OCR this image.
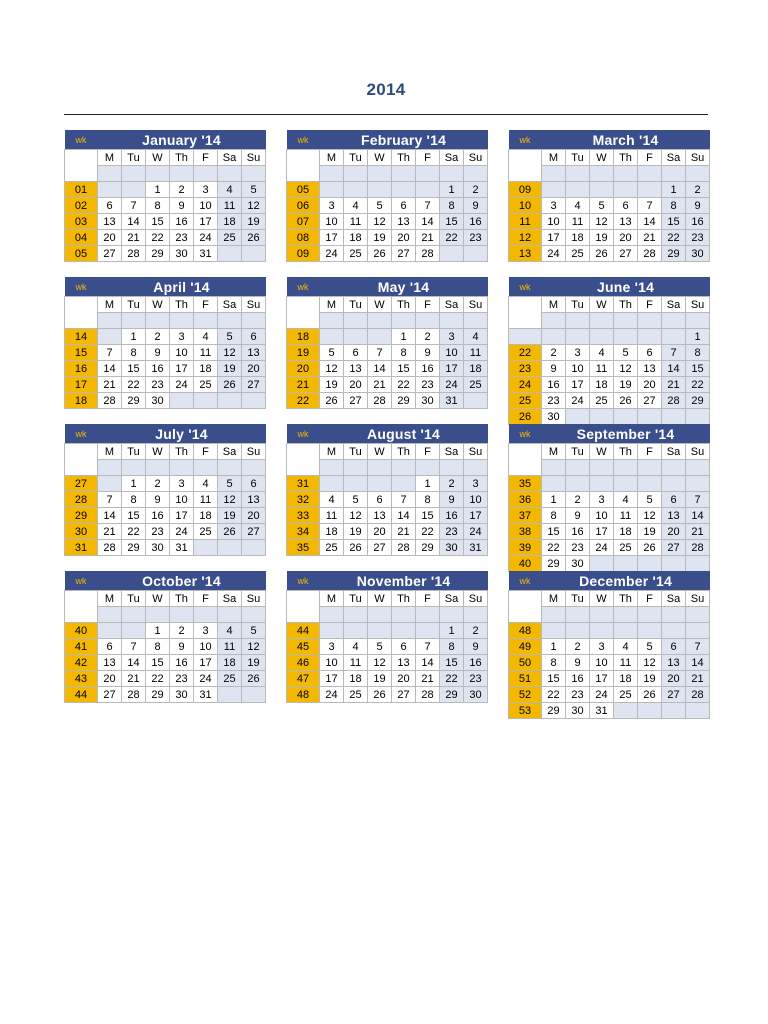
2014
wk	January '14						
	M	Tu	W	Th	F	Sa	Su

01			1	2	3	4	5
02	6	7	8	9	10	11	12
03	13	14	15	16	17	18	19
04	20	21	22	23	24	25	26
05	27	28	29	30	31		
wk	February '14						
	M	Tu	W	Th	F	Sa	Su

05						1	2
06	3	4	5	6	7	8	9
07	10	11	12	13	14	15	16
08	17	18	19	20	21	22	23
09	24	25	26	27	28		
wk	March '14						
	M	Tu	W	Th	F	Sa	Su

09						1	2
10	3	4	5	6	7	8	9
11	10	11	12	13	14	15	16
12	17	18	19	20	21	22	23
13	24	25	26	27	28	29	30
wk	April '14						
	M	Tu	W	Th	F	Sa	Su

14		1	2	3	4	5	6
15	7	8	9	10	11	12	13
16	14	15	16	17	18	19	20
17	21	22	23	24	25	26	27
18	28	29	30				
wk	May '14						
	M	Tu	W	Th	F	Sa	Su

18				1	2	3	4
19	5	6	7	8	9	10	11
20	12	13	14	15	16	17	18
21	19	20	21	22	23	24	25
22	26	27	28	29	30	31	
wk	June '14						
	M	Tu	W	Th	F	Sa	Su

							1
22	2	3	4	5	6	7	8
23	9	10	11	12	13	14	15
24	16	17	18	19	20	21	22
25	23	24	25	26	27	28	29
26	30						
wk	July '14						
	M	Tu	W	Th	F	Sa	Su

27		1	2	3	4	5	6
28	7	8	9	10	11	12	13
29	14	15	16	17	18	19	20
30	21	22	23	24	25	26	27
31	28	29	30	31			
wk	August '14						
	M	Tu	W	Th	F	Sa	Su

31					1	2	3
32	4	5	6	7	8	9	10
33	11	12	13	14	15	16	17
34	18	19	20	21	22	23	24
35	25	26	27	28	29	30	31
wk	September '14						
	M	Tu	W	Th	F	Sa	Su

35							
36	1	2	3	4	5	6	7
37	8	9	10	11	12	13	14
38	15	16	17	18	19	20	21
39	22	23	24	25	26	27	28
40	29	30					
wk	October '14						
	M	Tu	W	Th	F	Sa	Su

40			1	2	3	4	5
41	6	7	8	9	10	11	12
42	13	14	15	16	17	18	19
43	20	21	22	23	24	25	26
44	27	28	29	30	31		
wk	November '14						
	M	Tu	W	Th	F	Sa	Su

44						1	2
45	3	4	5	6	7	8	9
46	10	11	12	13	14	15	16
47	17	18	19	20	21	22	23
48	24	25	26	27	28	29	30
wk	December '14						
	M	Tu	W	Th	F	Sa	Su

48							
49	1	2	3	4	5	6	7
50	8	9	10	11	12	13	14
51	15	16	17	18	19	20	21
52	22	23	24	25	26	27	28
53	29	30	31				
